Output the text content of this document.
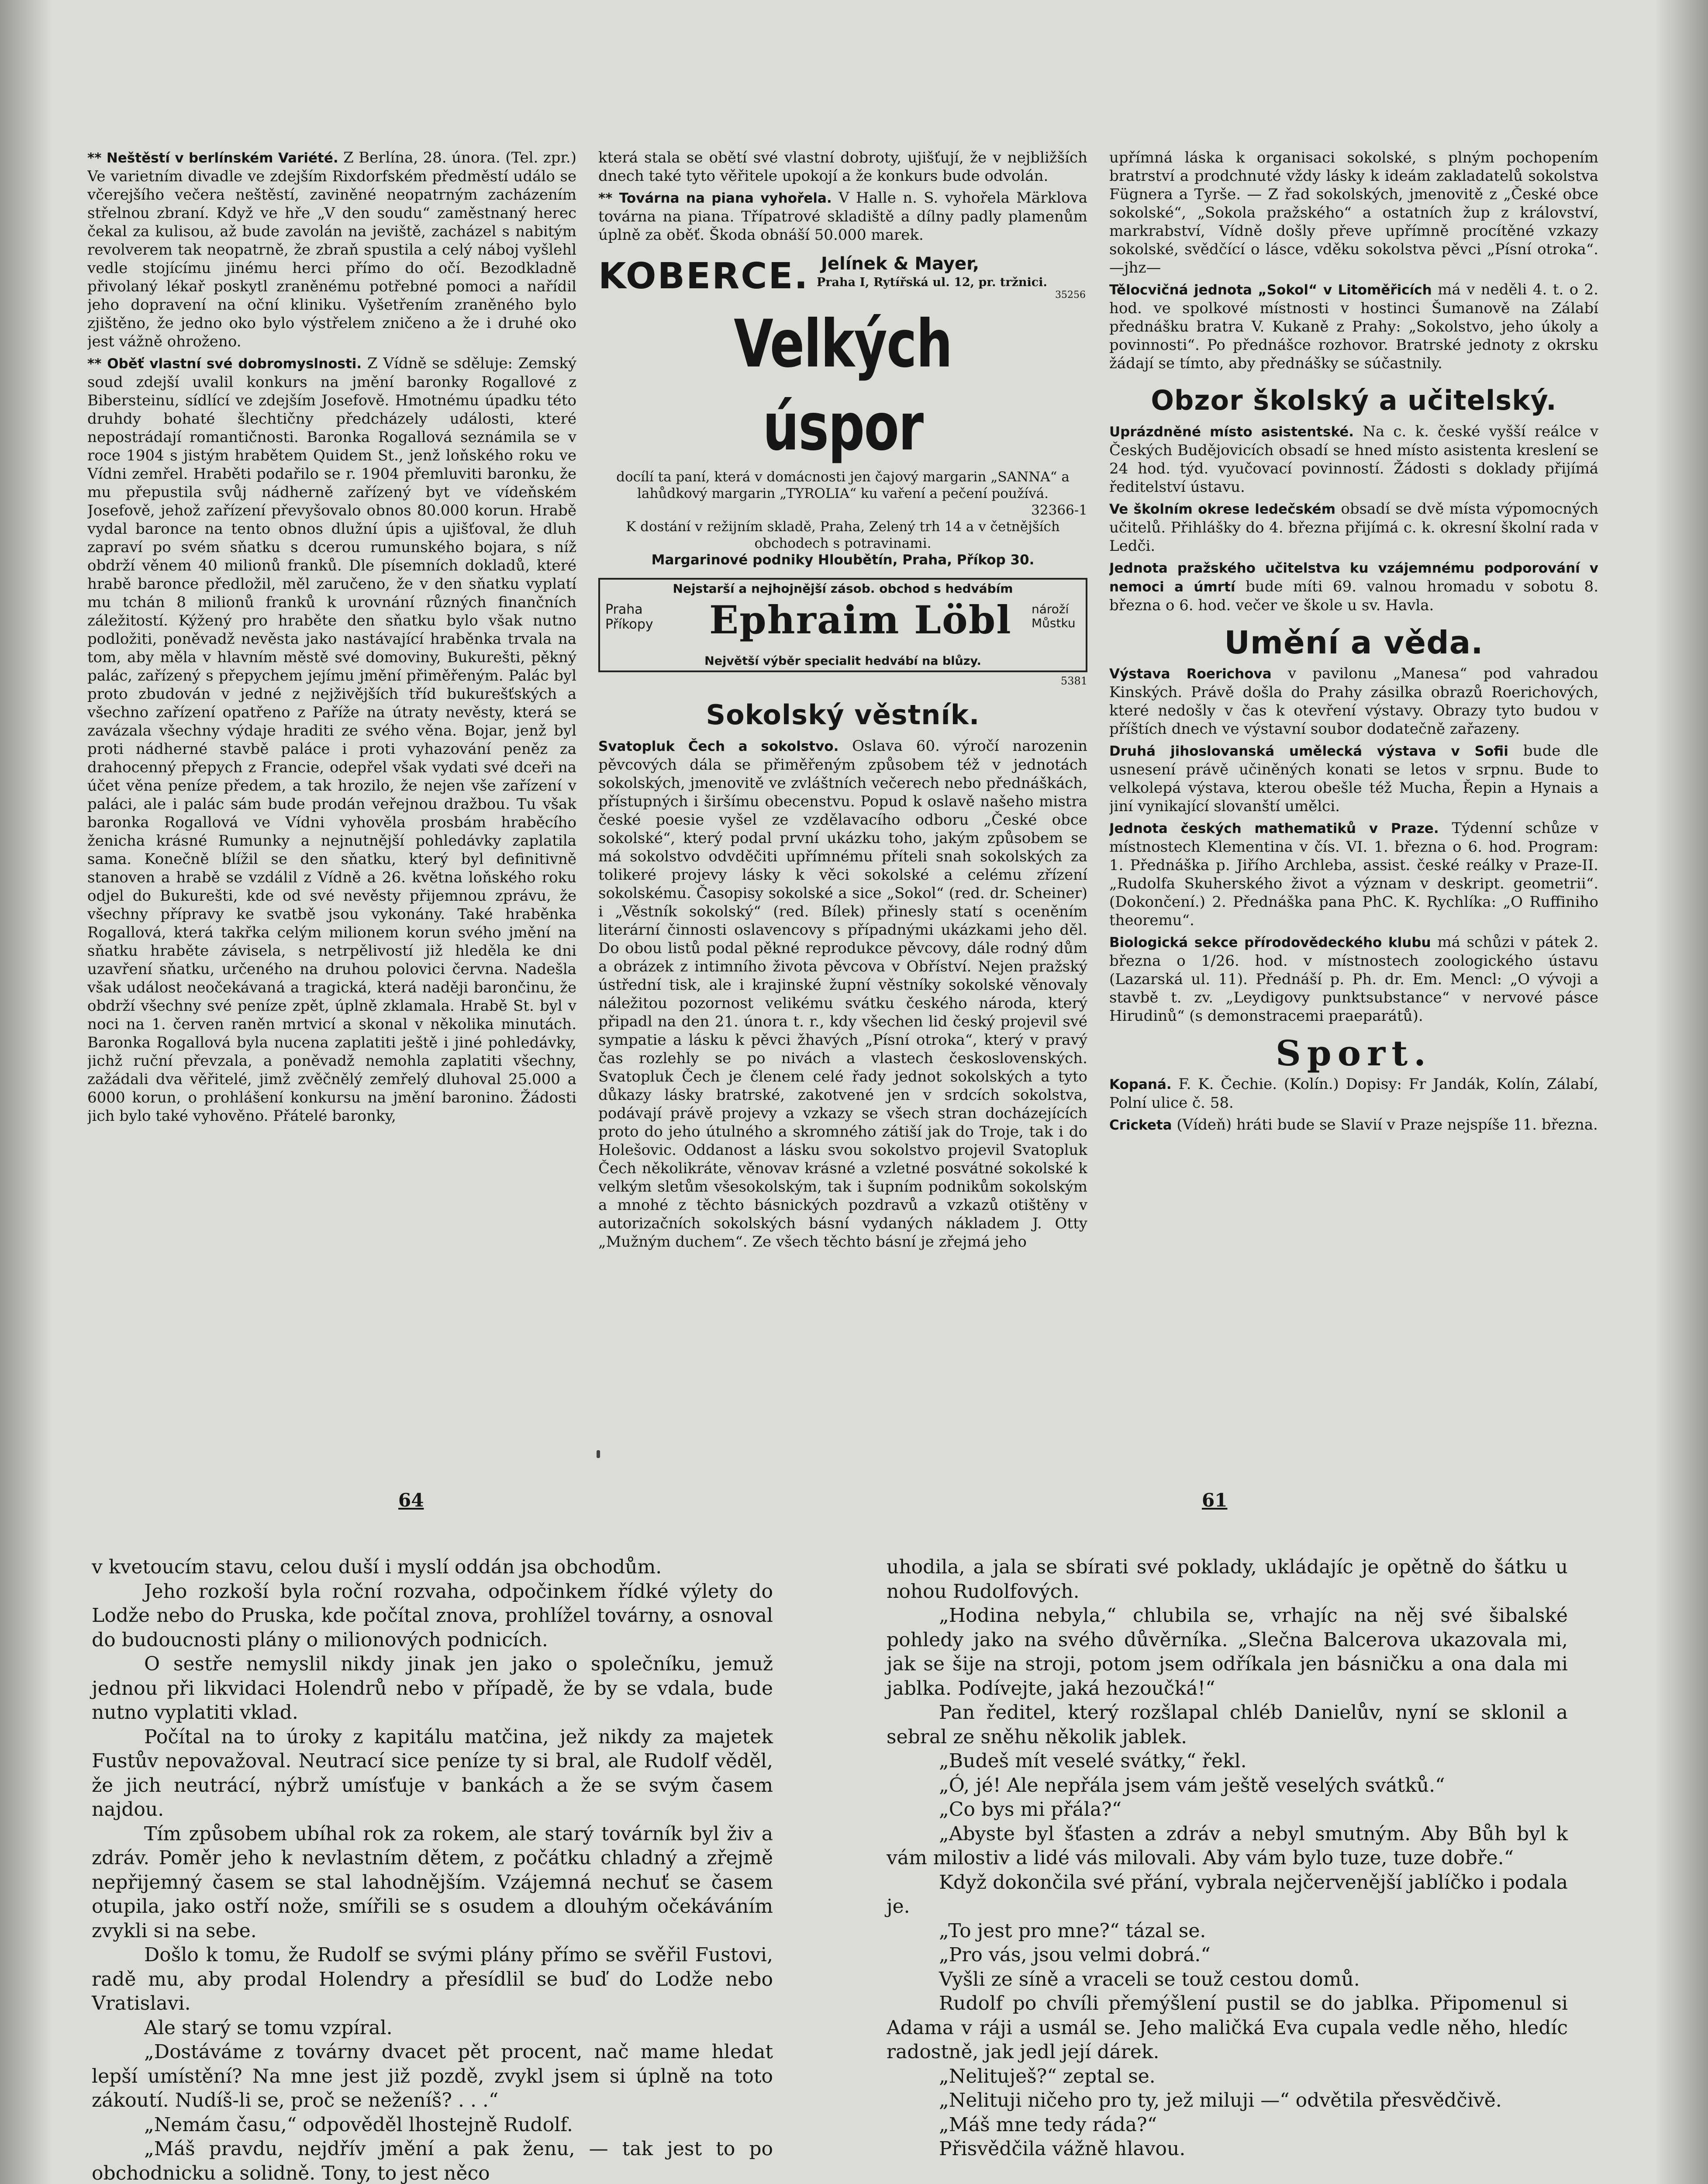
** Neštěstí v berlínském Variété. Z Berlína, 28. února. (Tel. zpr.) Ve varietním divadle ve zdejším Rixdorfském předměstí událo se včerejšího večera neštěstí, zaviněné neopatrným zacházením střelnou zbraní. Když ve hře „V den soudu“ zaměstnaný herec čekal za kulisou, až bude zavolán na jeviště, zacházel s nabitým revolverem tak neopatrně, že zbraň spustila a celý náboj vyšlehl vedle stojícímu jinému herci přímo do očí. Bezodkladně přivolaný lékař poskytl zraněnému potřebné pomoci a nařídil jeho dopravení na oční kliniku. Vyšetřením zraněného bylo zjištěno, že jedno oko bylo výstřelem zničeno a že i druhé oko jest vážně ohroženo.

** Oběť vlastní své dobromyslnosti. Z Vídně se sděluje: Zemský soud zdejší uvalil konkurs na jmění baronky Rogallové z Bibersteinu, sídlící ve zdejším Josefově. Hmotnému úpadku této druhdy bohaté šlechtičny předcházely události, které nepostrádají romantičnosti. Baronka Rogallová seznámila se v roce 1904 s jistým hrabětem Quidem St., jenž loňského roku ve Vídni zemřel. Hraběti podařilo se r. 1904 přemluviti baronku, že mu přepustila svůj nádherně zařízený byt ve vídeňském Josefově, jehož zařízení převyšovalo obnos 80.000 korun. Hrabě vydal baronce na tento obnos dlužní úpis a ujišťoval, že dluh zapraví po svém sňatku s dcerou rumunského bojara, s níž obdrží věnem 40 milionů franků. Dle písemních dokladů, které hrabě baronce předložil, měl zaručeno, že v den sňatku vyplatí mu tchán 8 milionů franků k urovnání různých finančních záležitostí. Kýžený pro hraběte den sňatku bylo však nutno podložiti, poněvadž nevěsta jako nastávající hraběnka trvala na tom, aby měla v hlavním městě své domoviny, Bukurešti, pěkný palác, zařízený s přepychem jejímu jmění přiměřeným. Palác byl proto zbudován v jedné z nejživějších tříd bukurešťských a všechno zařízení opatřeno z Paříže na útraty nevěsty, která se zavázala všechny výdaje hraditi ze svého věna. Bojar, jenž byl proti nádherné stavbě paláce i proti vyhazování peněz za drahocenný přepych z Francie, odepřel však vydati své dceři na účet věna peníze předem, a tak hrozilo, že nejen vše zařízení v paláci, ale i palác sám bude prodán veřejnou dražbou. Tu však baronka Rogallová ve Vídni vyhověla prosbám hraběcího ženicha krásné Rumunky a nejnutnější pohledávky zaplatila sama. Konečně blížil se den sňatku, který byl definitivně stanoven a hrabě se vzdálil z Vídně a 26. května loňského roku odjel do Bukurešti, kde od své nevěsty přijemnou zprávu, že všechny přípravy ke svatbě jsou vykonány. Také hraběnka Rogallová, která takřka celým milionem korun svého jmění na sňatku hraběte závisela, s netrpělivostí již hleděla ke dni uzavření sňatku, určeného na druhou polovici června. Nadešla však událost neočekávaná a tragická, která naději barončinu, že obdrží všechny své peníze zpět, úplně zklamala. Hrabě St. byl v noci na 1. červen raněn mrtvicí a skonal v několika minutách. Baronka Rogallová byla nucena zaplatiti ještě i jiné pohledávky, jichž ruční převzala, a poněvadž nemohla zaplatiti všechny, zažádali dva věřitelé, jimž zvěčnělý zemřelý dluhoval 25.000 a 6000 korun, o prohlášení konkursu na jmění baronino. Žádosti jich bylo také vyhověno. Přátelé baronky,

která stala se obětí své vlastní dobroty, ujišťují, že v nejbližších dnech také tyto věřitele upokojí a že konkurs bude odvolán.

** Továrna na piana vyhořela. V Halle n. S. vyhořela Märklova továrna na piana. Třípatrové skladiště a dílny padly plamenům úplně za oběť. Škoda obnáší 50.000 marek.

KOBERCE. Jelínek & Mayer,
Praha I, Rytířská ul. 12, pr. tržnici.
35256

Velkých úspor

docílí ta paní, která v domácnosti jen čajový margarin „SANNA“ a lahůdkový margarin „TYROLIA“ ku vaření a pečení používá.

32366-1

K dostání v režijním skladě, Praha, Zelený trh 14 a v četnějších obchodech s potravinami.

Margarinové podniky Hloubětín, Praha, Příkop 30.

Nejstarší a nejhojnější zásob. obchod s hedvábím
Praha Příkopy	Ephraim Löbl nároží Můstku
Největší výběr specialit hedvábí na blůzy.

5381

Sokolský věstník.

Svatopluk Čech a sokolstvo. Oslava 60. výročí narozenin pěvcových dála se přiměřeným způsobem též v jednotách sokolských, jmenovitě ve zvláštních večerech nebo přednáškách, přístupných i širšímu obecenstvu. Popud k oslavě našeho mistra české poesie vyšel ze vzdělavacího odboru „České obce sokolské“, který podal první ukázku toho, jakým způsobem se má sokolstvo odvděčiti upřímnému příteli snah sokolských za tolikeré projevy lásky k věci sokolské a celému zřízení sokolskému. Časopisy sokolské a sice „Sokol“ (red. dr. Scheiner) i „Věstník sokolský“ (red. Bílek) přinesly statí s oceněním literární činnosti oslavencovy s případnými ukázkami jeho děl. Do obou listů podal pěkné reprodukce pěvcovy, dále rodný dům a obrázek z intimního života pěvcova v Obříství. Nejen pražský ústřední tisk, ale i krajinské župní věstníky sokolské věnovaly náležitou pozornost velikému svátku českého národa, který připadl na den 21. února t. r., kdy všechen lid český projevil své sympatie a lásku k pěvci žhavých „Písní otroka“, který v pravý čas rozlehly se po nivách a vlastech československých. Svatopluk Čech je členem celé řady jednot sokolských a tyto důkazy lásky bratrské, zakotvené jen v srdcích sokolstva, podávají právě projevy a vzkazy se všech stran docházejících proto do jeho útulného a skromného zátiší jak do Troje, tak i do Holešovic. Oddanost a lásku svou sokolstvo projevil Svatopluk Čech několikráte, věnovav krásné a vzletné posvátné sokolské k velkým sletům všesokolským, tak i šupním podnikům sokolským a mnohé z těchto básnických pozdravů a vzkazů otištěny v autorizačních sokolských básní vydaných nákladem J. Otty „Mužným duchem“. Ze všech těchto básní je zřejmá jeho

upřímná láska k organisaci sokolské, s plným pochopením bratrství a prodchnuté vždy lásky k ideám zakladatelů sokolstva Fügnera a Tyrše. — Z řad sokolských, jmenovitě z „České obce sokolské“, „Sokola pražského“ a ostatních žup z království, markrabství, Vídně došly převe upřímně procítěné vzkazy sokolské, svědčící o lásce, vděku sokolstva pěvci „Písní otroka“. —jhz—

Tělocvičná jednota „Sokol“ v Litoměřicích má v neděli 4. t. o 2. hod. ve spolkové místnosti v hostinci Šumanově na Zálabí přednášku bratra V. Kukaně z Prahy: „Sokolstvo, jeho úkoly a povinnosti“. Po přednášce rozhovor. Bratrské jednoty z okrsku žádají se tímto, aby přednášky se súčastnily.

Obzor školský a učitelský.

Uprázdněné místo asistentské. Na c. k. české vyšší reálce v Českých Budějovicích obsadí se hned místo asistenta kreslení se 24 hod. týd. vyučovací povinností. Žádosti s doklady přijímá ředitelství ústavu.

Ve školním okrese ledečském obsadí se dvě místa výpomocných učitelů. Přihlášky do 4. března přijímá c. k. okresní školní rada v Ledči.

Jednota pražského učitelstva ku vzájemnému podporování v nemoci a úmrtí bude míti 69. valnou hromadu v sobotu 8. března o 6. hod. večer ve škole u sv. Havla.

Umění a věda.

Výstava Roerichova v pavilonu „Manesa“ pod vahradou Kinských. Právě došla do Prahy zásilka obrazů Roerichových, které nedošly v čas k otevření výstavy. Obrazy tyto budou v příštích dnech ve výstavní soubor dodatečně zařazeny.

Druhá jihoslovanská umělecká výstava v Sofii bude dle usnesení právě učiněných konati se letos v srpnu. Bude to velkolepá výstava, kterou obešle též Mucha, Řepin a Hynais a jiní vynikající slovanští umělci.

Jednota českých mathematiků v Praze. Týdenní schůze v místnostech Klementina v čís. VI. 1. března o 6. hod. Program: 1. Přednáška p. Jiřího Archleba, assist. české reálky v Praze-II. „Rudolfa Skuherského život a význam v deskript. geometrii“. (Dokončení.) 2. Přednáška pana PhC. K. Rychlíka: „O Ruffiniho theoremu“.

Biologická sekce přírodovědeckého klubu má schůzi v pátek 2. března o 1/26. hod. v místnostech zoologického ústavu (Lazarská ul. 11). Přednáší p. Ph. dr. Em. Mencl: „O vývoji a stavbě t. zv. „Leydigovy punktsubstance“ v nervové pásce Hirudinů“ (s demonstracemi praeparátů).

Sport.

Kopaná. F. K. Čechie. (Kolín.) Dopisy: Fr Jandák, Kolín, Zálabí, Polní ulice č. 58.

Cricketa (Vídeň) hráti bude se Slavií v Praze nejspíše 11. března.

64	61

v kvetoucím stavu, celou duší i myslí oddán jsa obchodům.

Jeho rozkoší byla roční rozvaha, odpočinkem řídké výlety do Lodže nebo do Pruska, kde počítal znova, prohlížel továrny, a osnoval do budoucnosti plány o milionových podnicích.

O sestře nemyslil nikdy jinak jen jako o společníku, jemuž jednou při likvidaci Holendrů nebo v případě, že by se vdala, bude nutno vyplatiti vklad.

Počítal na to úroky z kapitálu matčina, jež nikdy za majetek Fustův nepovažoval. Neutrací sice peníze ty si bral, ale Rudolf věděl, že jich neutrácí, nýbrž umísťuje v bankách a že se svým časem najdou.

Tím způsobem ubíhal rok za rokem, ale starý továrník byl živ a zdráv. Poměr jeho k nevlastním dětem, z počátku chladný a zřejmě nepřijemný časem se stal lahodnějším. Vzájemná nechuť se časem otupila, jako ostří nože, smířili se s osudem a dlouhým očekáváním zvykli si na sebe.

Došlo k tomu, že Rudolf se svými plány přímo se svěřil Fustovi, radě mu, aby prodal Holendry a přesídlil se buď do Lodže nebo Vratislavi.

Ale starý se tomu vzpíral.

„Dostáváme z továrny dvacet pět procent, nač mame hledat lepší umístění? Na mne jest již pozdě, zvykl jsem si úplně na toto zákoutí. Nudíš-li se, proč se neženíš? . . .“

„Nemám času,“ odpověděl lhostejně Rudolf.

„Máš pravdu, nejdřív jmění a pak ženu, — tak jest to po obchodnicku a solidně. Tony, to jest něco

uhodila, a jala se sbírati své poklady, ukládajíc je opětně do šátku u nohou Rudolfových.

„Hodina nebyla,“ chlubila se, vrhajíc na něj své šibalské pohledy jako na svého důvěrníka. „Slečna Balcerova ukazovala mi, jak se šije na stroji, potom jsem odříkala jen básničku a ona dala mi jablka. Podívejte, jaká hezoučká!“

Pan ředitel, který rozšlapal chléb Danielův, nyní se sklonil a sebral ze sněhu několik jablek.

„Budeš mít veselé svátky,“ řekl.

„Ó, jé! Ale nepřála jsem vám ještě veselých svátků.“

„Co bys mi přála?“

„Abyste byl šťasten a zdráv a nebyl smutným. Aby Bůh byl k vám milostiv a lidé vás milovali. Aby vám bylo tuze, tuze dobře.“

Když dokončila své přání, vybrala nejčervenější jablíčko i podala je.

„To jest pro mne?“ tázal se.

„Pro vás, jsou velmi dobrá.“

Vyšli ze síně a vraceli se touž cestou domů.

Rudolf po chvíli přemýšlení pustil se do jablka. Připomenul si Adama v ráji a usmál se. Jeho maličká Eva cupala vedle něho, hledíc radostně, jak jedl její dárek.

„Nelituješ?“ zeptal se.

„Nelituji ničeho pro ty, jež miluji —“ odvětila přesvědčivě.

„Máš mne tedy ráda?“

Přisvědčila vážně hlavou.
